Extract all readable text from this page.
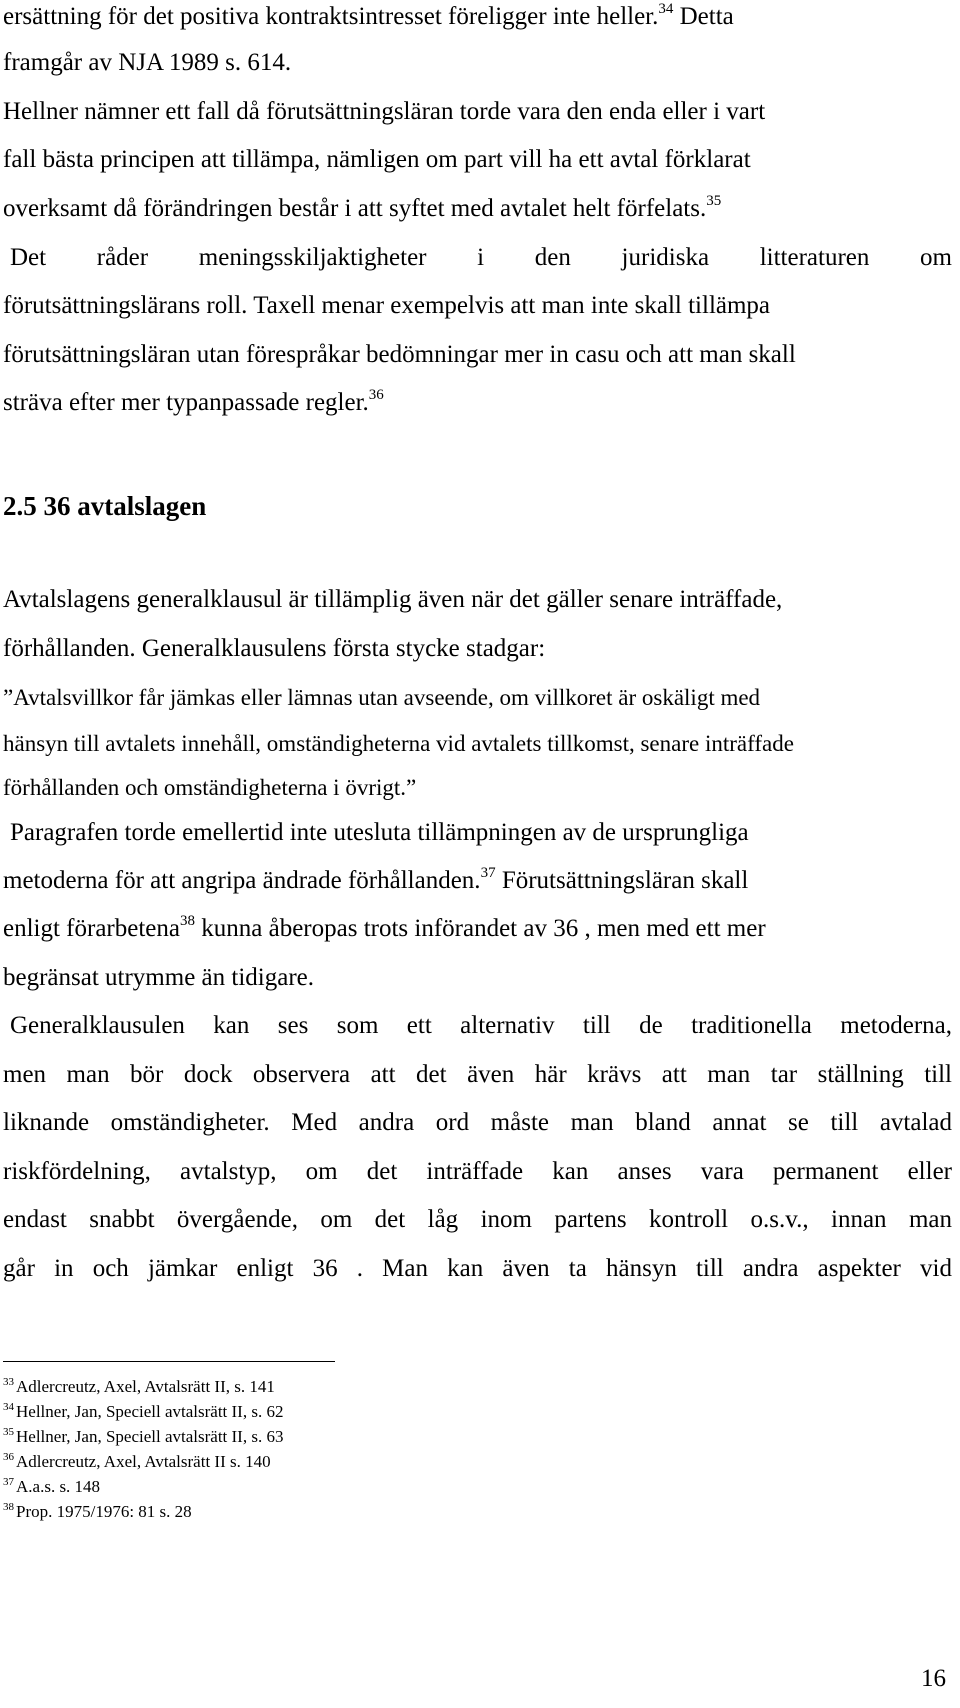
ersättning för det positiva kontraktsintresset föreligger inte heller.$^{34}$ Detta
framgår av NJA 1989 s. 614.
Hellner nämner ett fall då förutsättningsläran torde vara den enda eller i vart
fall bästa principen att tillämpa, nämligen om part vill ha ett avtal förklarat
overksamt då förändringen består i att syftet med avtalet helt förfelats.$^{35}$
Det råder meningsskiljaktigheter i den juridiska litteraturen om
förutsättningslärans roll. Taxell menar exempelvis att man inte skall tillämpa
förutsättningsläran utan förespråkar bedömningar mer in casu och att man skall
sträva efter mer typanpassade regler.$^{36}$
2.5 36 avtalslagen
Avtalslagens generalklausul är tillämplig även när det gäller senare inträffade,
förhållanden. Generalklausulens första stycke stadgar:
”Avtalsvillkor får jämkas eller lämnas utan avseende, om villkoret är oskäligt med
hänsyn till avtalets innehåll, omständigheterna vid avtalets tillkomst, senare inträffade
förhållanden och omständigheterna i övrigt.”
Paragrafen torde emellertid inte utesluta tillämpningen av de ursprungliga
metoderna för att angripa ändrade förhållanden.$^{37}$ Förutsättningsläran skall
enligt förarbetena$^{38}$ kunna åberopas trots införandet av 36 , men med ett mer
begränsat utrymme än tidigare.
Generalklausulen kan ses som ett alternativ till de traditionella metoderna,
men man bör dock observera att det även här krävs att man tar ställning till
liknande omständigheter. Med andra ord måste man bland annat se till avtalad
riskfördelning, avtalstyp, om det inträffade kan anses vara permanent eller
endast snabbt övergående, om det låg inom partens kontroll o.s.v., innan man
går in och jämkar enligt 36 . Man kan även ta hänsyn till andra aspekter vid
$^{33}$ Adlercreutz, Axel, Avtalsrätt II, s. 141
$^{34}$ Hellner, Jan, Speciell avtalsrätt II, s. 62
$^{35}$ Hellner, Jan, Speciell avtalsrätt II, s. 63
$^{36}$ Adlercreutz, Axel, Avtalsrätt II s. 140
$^{37}$ A.a.s. s. 148
$^{38}$ Prop. 1975/1976: 81 s. 28
16
